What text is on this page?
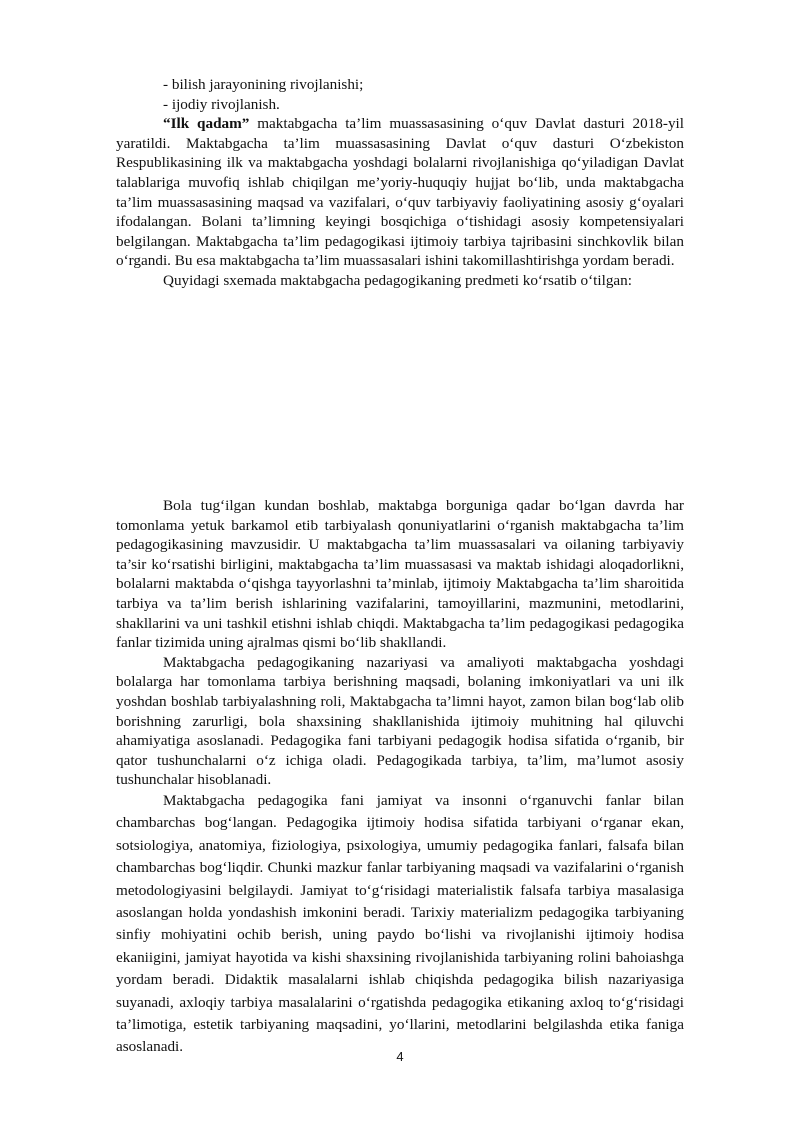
- bilish jarayonining rivojlanishi;

- ijodiy rivojlanish.

“Ilk qadam” maktabgacha ta’lim muassasasining o‘quv Davlat dasturi 2018-yil yaratildi. Maktabgacha ta’lim muassasasining Davlat o‘quv dasturi O‘zbekiston Respublikasining ilk va maktabgacha yoshdagi bolalarni rivojlanishiga qo‘yiladigan Davlat talablariga muvofiq ishlab chiqilgan me’yoriy-huquqiy hujjat bo‘lib, unda maktabgacha ta’lim muassasasining maqsad va vazifalari, o‘quv tarbiyaviy faoliyatining asosiy g‘oyalari ifodalangan. Bolani ta’limning keyingi bosqichiga o‘tishidagi asosiy kompetensiyalari belgilangan. Maktabgacha ta’lim pedagogikasi ijtimoiy tarbiya tajribasini sinchkovlik bilan o‘rgandi. Bu esa maktabgacha ta’lim muassasalari ishini takomillashtirishga yordam beradi.

Quyidagi sxemada maktabgacha pedagogikaning predmeti ko‘rsatib o‘tilgan:

Bola tug‘ilgan kundan boshlab, maktabga borguniga qadar bo‘lgan davrda har tomonlama yetuk barkamol etib tarbiyalash qonuniyatlarini o‘rganish maktabgacha ta’lim pedagogikasining mavzusidir. U maktabgacha ta’lim muassasalari va oilaning tarbiyaviy ta’sir ko‘rsatishi birligini, maktabgacha ta’lim muassasasi va maktab ishidagi aloqadorlikni, bolalarni maktabda o‘qishga tayyorlashni ta’minlab, ijtimoiy Maktabgacha ta’lim sharoitida tarbiya va ta’lim berish ishlarining vazifalarini, tamoyillarini, mazmunini, metodlarini, shakllarini va uni tashkil etishni ishlab chiqdi. Maktabgacha ta’lim pedagogikasi pedagogika fanlar tizimida uning ajralmas qismi bo‘lib shakllandi.

Maktabgacha pedagogikaning nazariyasi va amaliyoti maktabgacha yoshdagi bolalarga har tomonlama tarbiya berishning maqsadi, bolaning imkoniyatlari va uni ilk yoshdan boshlab tarbiyalashning roli, Maktabgacha ta’limni hayot, zamon bilan bog‘lab olib borishning zarurligi, bola shaxsining shakllanishida ijtimoiy muhitning hal qiluvchi ahamiyatiga asoslanadi. Pedagogika fani tarbiyani pedagogik hodisa sifatida o‘rganib, bir qator tushunchalarni o‘z ichiga oladi. Pedagogikada tarbiya, ta’lim, ma’lumot asosiy tushunchalar hisoblanadi.

Maktabgacha pedagogika fani jamiyat va insonni o‘rganuvchi fanlar bilan chambarchas bog‘langan. Pedagogika ijtimoiy hodisa sifatida tarbiyani o‘rganar ekan, sotsiologiya, anatomiya, fiziologiya, psixologiya, umumiy pedagogika fanlari, falsafa bilan chambarchas bog‘liqdir. Chunki mazkur fanlar tarbiyaning maqsadi va vazifalarini o‘rganish metodologiyasini belgilaydi. Jamiyat to‘g‘risidagi materialistik falsafa tarbiya masalasiga asoslangan holda yondashish imkonini beradi. Tarixiy materializm pedagogika tarbiyaning sinfiy mohiyatini ochib berish, uning paydo bo‘lishi va rivojlanishi ijtimoiy hodisa ekaniigini, jamiyat hayotida va kishi shaxsining rivojlanishida tarbiyaning rolini bahoiashga yordam beradi. Didaktik masalalarni ishlab chiqishda pedagogika bilish nazariyasiga suyanadi, axloqiy tarbiya masalalarini o‘rgatishda pedagogika etikaning axloq to‘g‘risidagi ta’limotiga, estetik tarbiyaning maqsadini, yo‘llarini, metodlarini belgilashda etika faniga asoslanadi.

4
